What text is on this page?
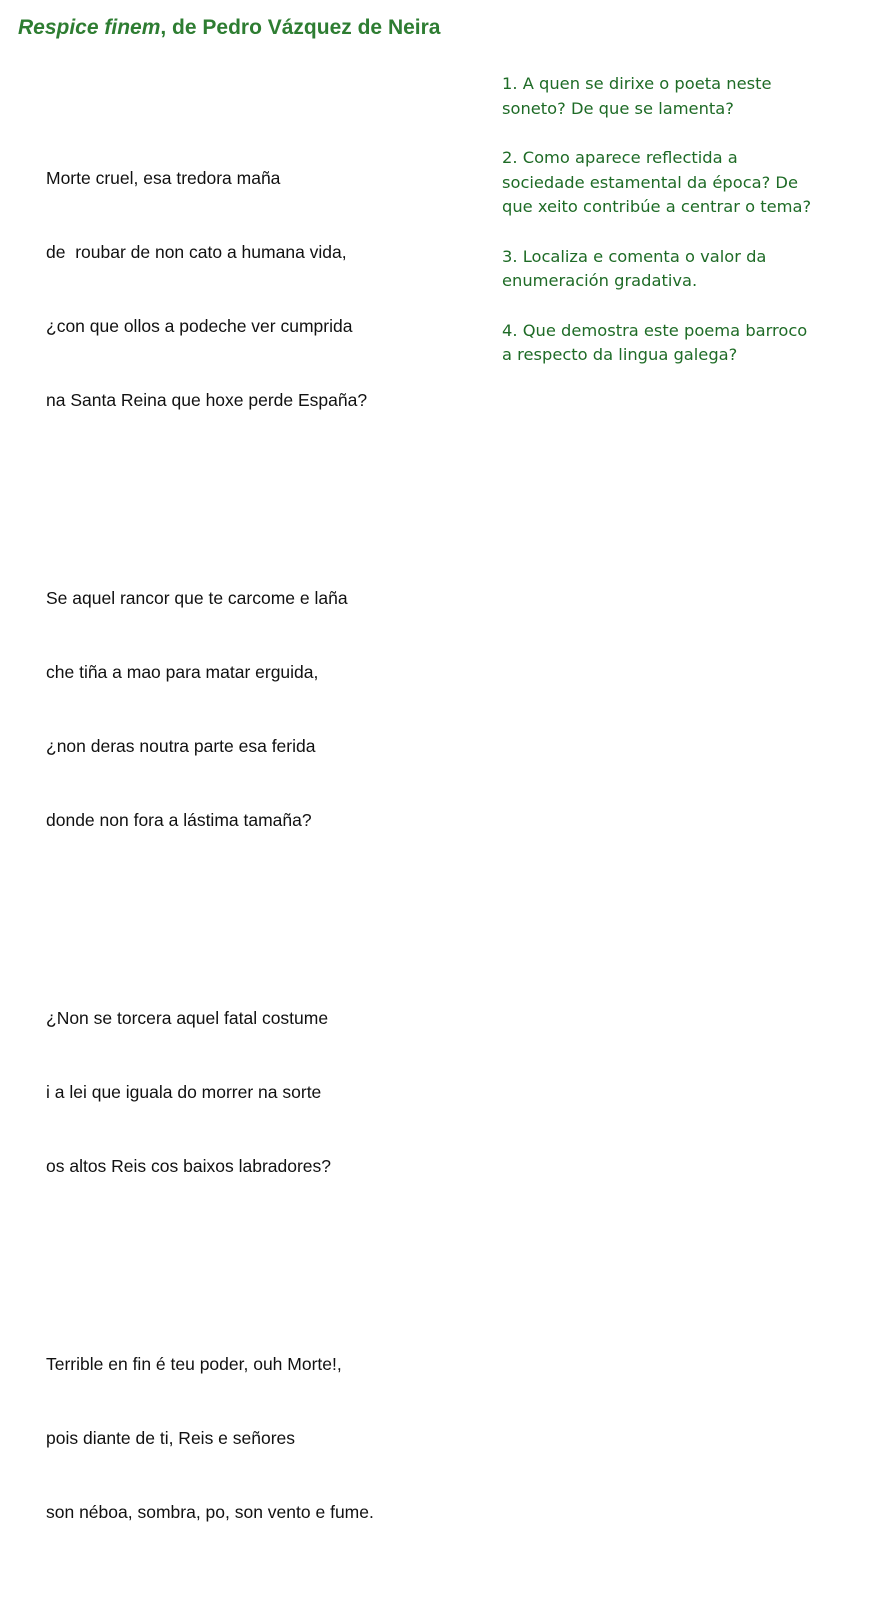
Respice finem, de Pedro Vázquez de Neira

Morte cruel, esa tredora maña

de  roubar de non cato a humana vida,

¿con que ollos a podeche ver cumprida

na Santa Reina que hoxe perde España?

Se aquel rancor que te carcome e laña

che tiña a mao para matar erguida,

¿non deras noutra parte esa ferida

donde non fora a lástima tamaña?

¿Non se torcera aquel fatal costume

i a lei que iguala do morrer na sorte

os altos Reis cos baixos labradores?

Terrible en fin é teu poder, ouh Morte!,

pois diante de ti, Reis e señores

son néboa, sombra, po, son vento e fume.

1. A quen se dirixe o poeta neste
soneto? De que se lamenta?
2. Como aparece reflectida a
sociedade estamental da época? De
que xeito contribúe a centrar o tema?
3. Localiza e comenta o valor da
enumeración gradativa.
4. Que demostra este poema barroco
a respecto da lingua galega?
